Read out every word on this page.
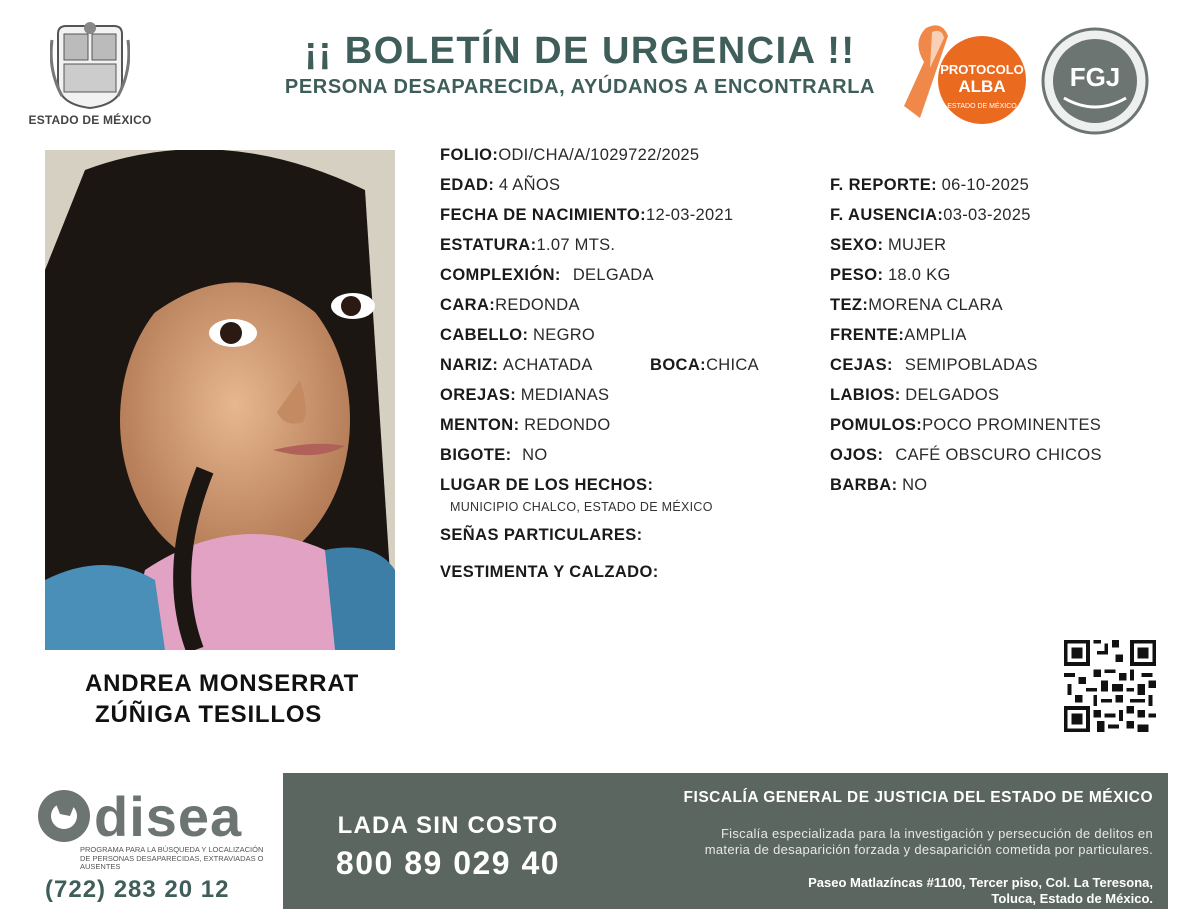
ESTADO DE MÉXICO
¡¡ BOLETÍN DE URGENCIA !!
PERSONA DESAPARECIDA, AYÚDANOS A ENCONTRARLA
PROTOCOLO
ALBA
ESTADO DE MÉXICO
FGJ
ANDREA MONSERRAT
ZÚÑIGA TESILLOS
FOLIO:ODI/CHA/A/1029722/2025
EDAD: 4 AÑOS
FECHA DE NACIMIENTO:12-03-2021
ESTATURA:1.07 MTS.
COMPLEXIÓN: DELGADA
CARA:REDONDA
CABELLO: NEGRO
NARIZ: ACHATADA	BOCA:CHICA
OREJAS: MEDIANAS
MENTON: REDONDO
BIGOTE: NO
LUGAR DE LOS HECHOS:
MUNICIPIO CHALCO, ESTADO DE MÉXICO
SEÑAS PARTICULARES:
VESTIMENTA Y CALZADO:
F. REPORTE: 06-10-2025
F. AUSENCIA:03-03-2025
SEXO: MUJER
PESO: 18.0 KG
TEZ:MORENA CLARA
FRENTE:AMPLIA
CEJAS: SEMIPOBLADAS
LABIOS: DELGADOS
POMULOS:POCO PROMINENTES
OJOS: CAFÉ OBSCURO CHICOS
BARBA: NO
disea
PROGRAMA PARA LA BÚSQUEDA Y LOCALIZACIÓN DE PERSONAS DESAPARECIDAS, EXTRAVIADAS O AUSENTES
(722) 283 20 12
LADA SIN COSTO
800 89 029 40
FISCALÍA GENERAL DE JUSTICIA DEL ESTADO DE MÉXICO
Fiscalía especializada para la investigación y persecución de delitos en
materia de desaparición forzada y desaparición cometida por particulares.
Paseo Matlazíncas #1100, Tercer piso, Col. La Teresona,
Toluca, Estado de México.
